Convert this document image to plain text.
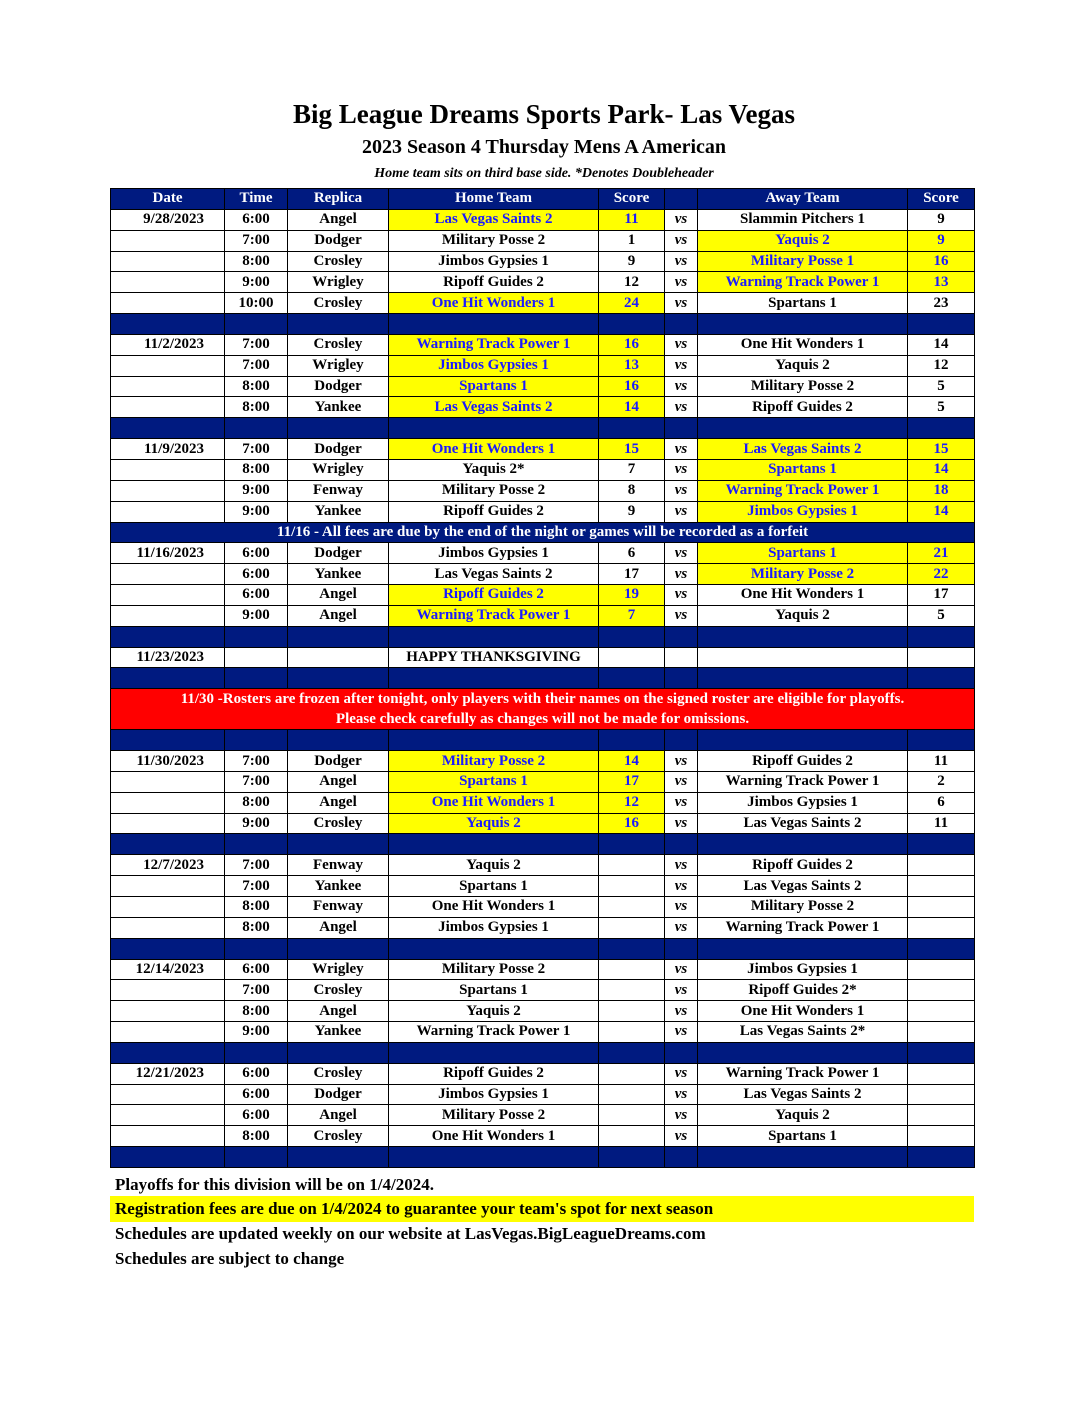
Big League Dreams Sports Park- Las Vegas
2023 Season 4 Thursday Mens A American
Home team sits on third base side. *Denotes Doubleheader
Date	Time	Replica	Home Team	Score		Away Team	Score
9/28/2023	6:00	Angel	Las Vegas Saints 2	11	vs	Slammin Pitchers 1	9
	7:00	Dodger	Military Posse 2	1	vs	Yaquis 2	9
	8:00	Crosley	Jimbos Gypsies 1	9	vs	Military Posse 1	16
	9:00	Wrigley	Ripoff Guides 2	12	vs	Warning Track Power 1	13
	10:00	Crosley	One Hit Wonders 1	24	vs	Spartans 1	23

11/2/2023	7:00	Crosley	Warning Track Power 1	16	vs	One Hit Wonders 1	14
	7:00	Wrigley	Jimbos Gypsies 1	13	vs	Yaquis 2	12
	8:00	Dodger	Spartans 1	16	vs	Military Posse 2	5
	8:00	Yankee	Las Vegas Saints 2	14	vs	Ripoff Guides 2	5

11/9/2023	7:00	Dodger	One Hit Wonders 1	15	vs	Las Vegas Saints 2	15
	8:00	Wrigley	Yaquis 2*	7	vs	Spartans 1	14
	9:00	Fenway	Military Posse 2	8	vs	Warning Track Power 1	18
	9:00	Yankee	Ripoff Guides 2	9	vs	Jimbos Gypsies 1	14
11/16 - All fees are due by the end of the night or games will be recorded as a forfeit							
11/16/2023	6:00	Dodger	Jimbos Gypsies 1	6	vs	Spartans 1	21
	6:00	Yankee	Las Vegas Saints 2	17	vs	Military Posse 2	22
	6:00	Angel	Ripoff Guides 2	19	vs	One Hit Wonders 1	17
	9:00	Angel	Warning Track Power 1	7	vs	Yaquis 2	5

11/23/2023			HAPPY THANKSGIVING				

11/30 -Rosters are frozen after tonight, only players with their names on the signed roster are eligible for playoffs.
Please check carefully as changes will not be made for omissions.							

11/30/2023	7:00	Dodger	Military Posse 2	14	vs	Ripoff Guides 2	11
	7:00	Angel	Spartans 1	17	vs	Warning Track Power 1	2
	8:00	Angel	One Hit Wonders 1	12	vs	Jimbos Gypsies 1	6
	9:00	Crosley	Yaquis 2	16	vs	Las Vegas Saints 2	11

12/7/2023	7:00	Fenway	Yaquis 2		vs	Ripoff Guides 2	
	7:00	Yankee	Spartans 1		vs	Las Vegas Saints 2	
	8:00	Fenway	One Hit Wonders 1		vs	Military Posse 2	
	8:00	Angel	Jimbos Gypsies 1		vs	Warning Track Power 1	

12/14/2023	6:00	Wrigley	Military Posse 2		vs	Jimbos Gypsies 1	
	7:00	Crosley	Spartans 1		vs	Ripoff Guides 2*	
	8:00	Angel	Yaquis 2		vs	One Hit Wonders 1	
	9:00	Yankee	Warning Track Power 1		vs	Las Vegas Saints 2*	

12/21/2023	6:00	Crosley	Ripoff Guides 2		vs	Warning Track Power 1	
	6:00	Dodger	Jimbos Gypsies 1		vs	Las Vegas Saints 2	
	6:00	Angel	Military Posse 2		vs	Yaquis 2	
	8:00	Crosley	One Hit Wonders 1		vs	Spartans 1	

Playoffs for this division will be on 1/4/2024.
Registration fees are due on 1/4/2024 to guarantee your team's spot for next season
Schedules are updated weekly on our website at LasVegas.BigLeagueDreams.com
Schedules are subject to change
